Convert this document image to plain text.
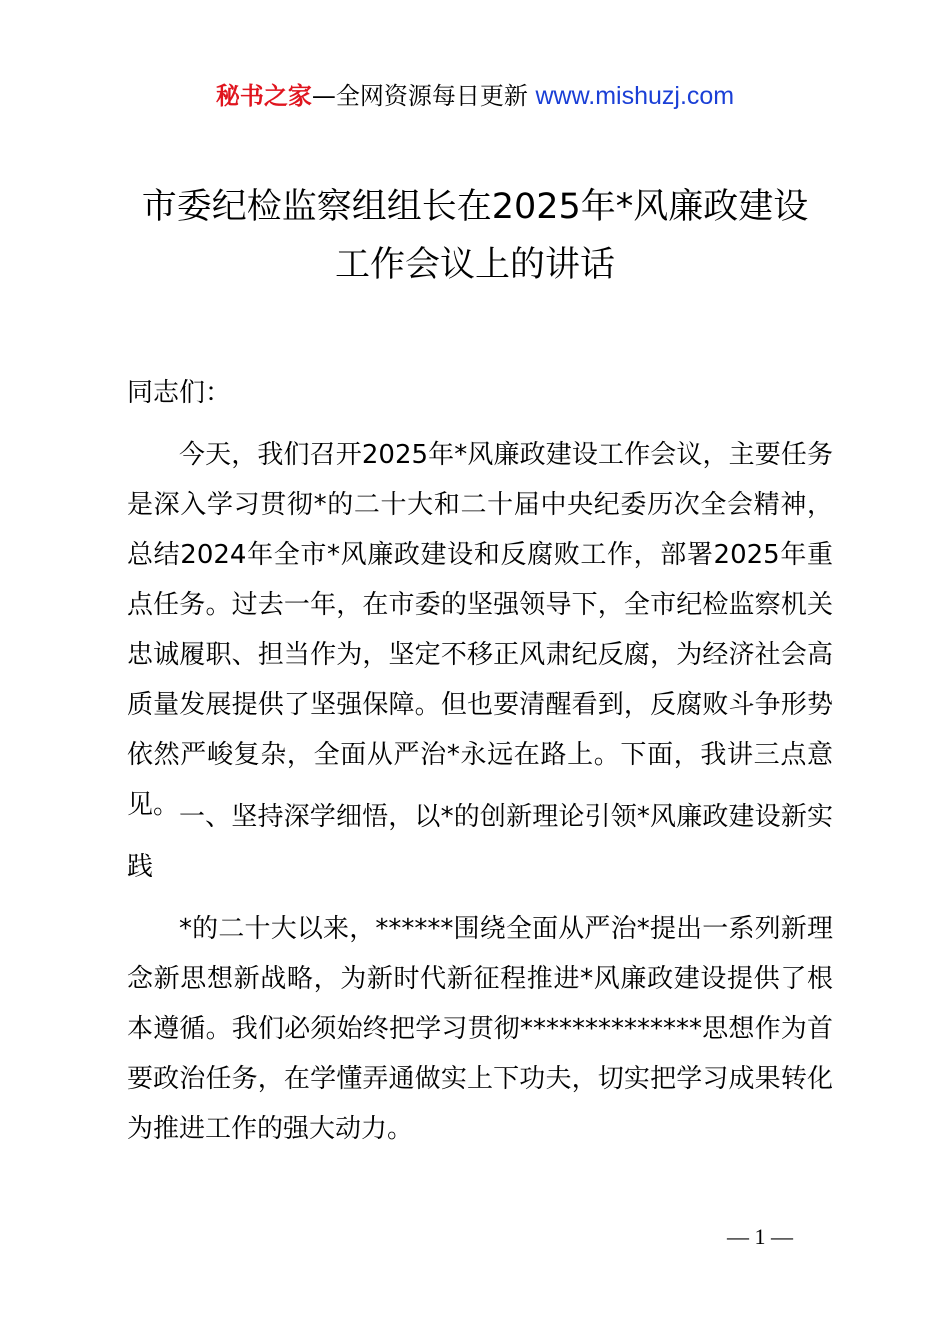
秘书之家—全网资源每日更新 www.mishuzj.com
市委纪检监察组组长在2025年*风廉政建设
工作会议上的讲话

同志们：

今天，我们召开2025年*风廉政建设工作会议，主要任务是深入学习贯彻*的二十大和二十届中央纪委历次全会精神，总结2024年全市*风廉政建设和反腐败工作，部署2025年重点任务。过去一年，在市委的坚强领导下，全市纪检监察机关忠诚履职、担当作为，坚定不移正风肃纪反腐，为经济社会高质量发展提供了坚强保障。但也要清醒看到，反腐败斗争形势依然严峻复杂，全面从严治*永远在路上。下面，我讲三点意见。 一、坚持深学细悟，以*的创新理论引领*风廉政建设新实践

*的二十大以来，******围绕全面从严治*提出一系列新理念新思想新战略，为新时代新征程推进*风廉政建设提供了根本遵循。我们必须始终把学习贯彻**************思想作为首要政治任务，在学懂弄通做实上下功夫，切实把学习成果转化为推进工作的强大动力。

— 1 —
